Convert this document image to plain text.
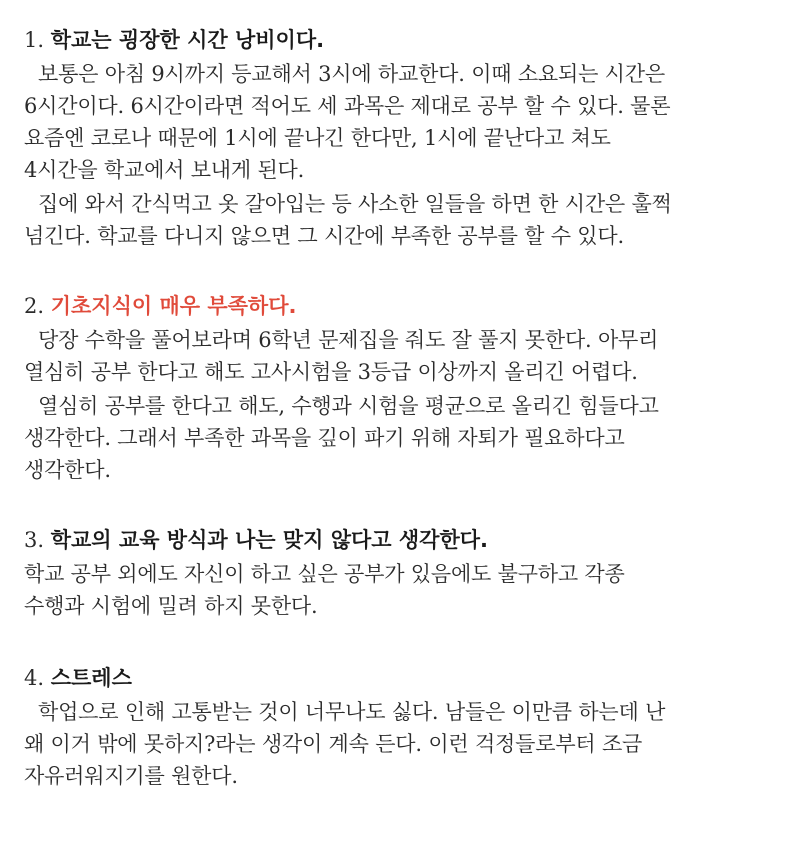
1. 학교는 굉장한 시간 낭비이다.

보통은 아침 9시까지 등교해서 3시에 하교한다. 이때 소요되는 시간은
6시간이다. 6시간이라면 적어도 세 과목은 제대로 공부 할 수 있다. 물론
요즘엔 코로나 때문에 1시에 끝나긴 한다만, 1시에 끝난다고 쳐도
4시간을 학교에서 보내게 된다.

집에 와서 간식먹고 옷 갈아입는 등 사소한 일들을 하면 한 시간은 훌쩍
넘긴다. 학교를 다니지 않으면 그 시간에 부족한 공부를 할 수 있다.

2. 기초지식이 매우 부족하다.

당장 수학을 풀어보라며 6학년 문제집을 줘도 잘 풀지 못한다. 아무리
열심히 공부 한다고 해도 고사시험을 3등급 이상까지 올리긴 어렵다.

열심히 공부를 한다고 해도, 수행과 시험을 평균으로 올리긴 힘들다고
생각한다. 그래서 부족한 과목을 깊이 파기 위해 자퇴가 필요하다고
생각한다.

3. 학교의 교육 방식과 나는 맞지 않다고 생각한다.

학교 공부 외에도 자신이 하고 싶은 공부가 있음에도 불구하고 각종
수행과 시험에 밀려 하지 못한다.

4. 스트레스

학업으로 인해 고통받는 것이 너무나도 싫다. 남들은 이만큼 하는데 난
왜 이거 밖에 못하지?라는 생각이 계속 든다. 이런 걱정들로부터 조금
자유러워지기를 원한다.
